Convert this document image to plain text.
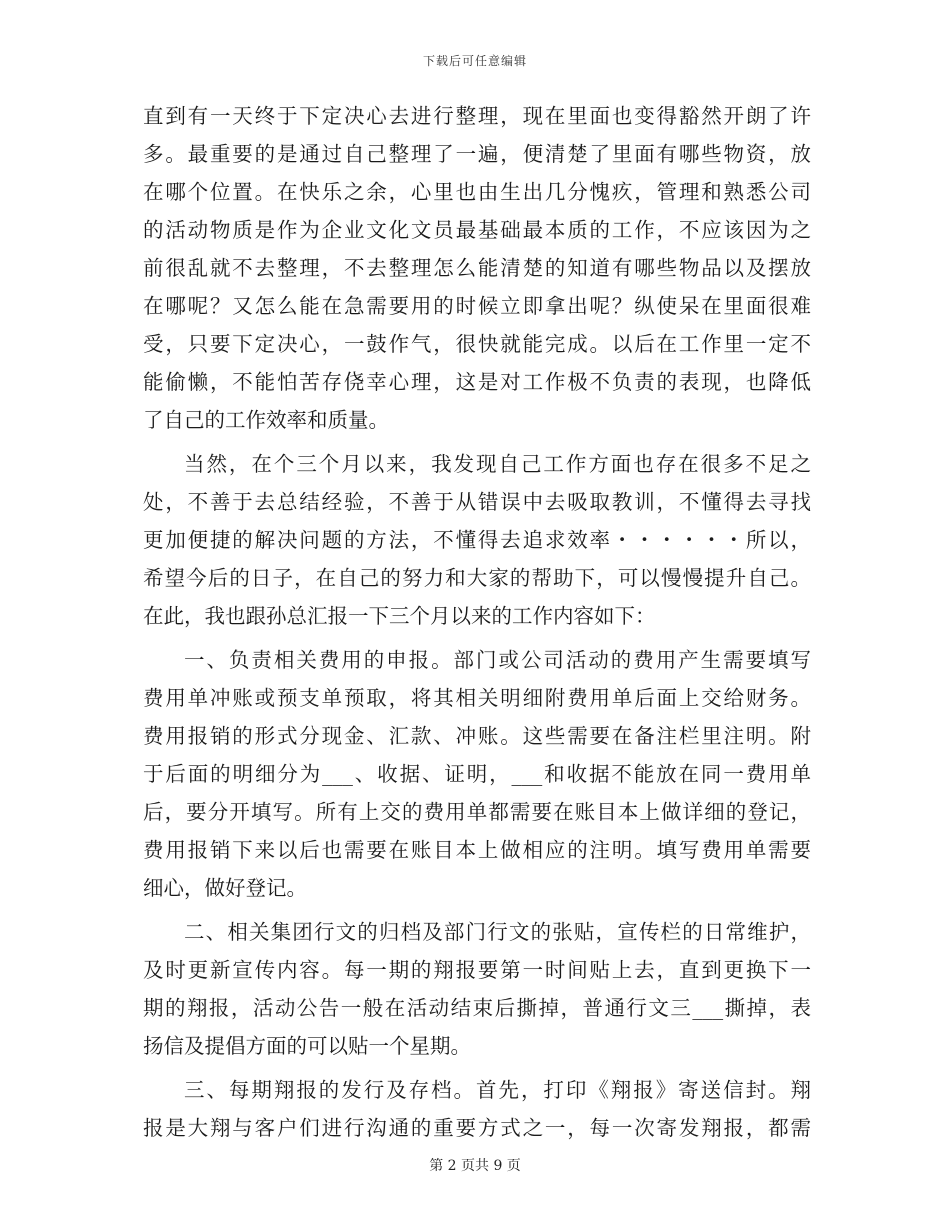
下载后可任意编辑
直到有一天终于下定决心去进行整理，现在里面也变得豁然开朗了许
多。最重要的是通过自己整理了一遍，便清楚了里面有哪些物资，放
在哪个位置。在快乐之余，心里也由生出几分愧疚，管理和熟悉公司
的活动物质是作为企业文化文员最基础最本质的工作，不应该因为之
前很乱就不去整理，不去整理怎么能清楚的知道有哪些物品以及摆放
在哪呢？又怎么能在急需要用的时候立即拿出呢？纵使呆在里面很难
受，只要下定决心，一鼓作气，很快就能完成。以后在工作里一定不
能偷懒，不能怕苦存侥幸心理，这是对工作极不负责的表现，也降低
了自己的工作效率和质量。
当然，在个三个月以来，我发现自己工作方面也存在很多不足之
处，不善于去总结经验，不善于从错误中去吸取教训，不懂得去寻找
更加便捷的解决问题的方法，不懂得去追求效率・・・・・・所以，
希望今后的日子，在自己的努力和大家的帮助下，可以慢慢提升自己。
在此，我也跟孙总汇报一下三个月以来的工作内容如下：
一、负责相关费用的申报。部门或公司活动的费用产生需要填写
费用单冲账或预支单预取，将其相关明细附费用单后面上交给财务。
费用报销的形式分现金、汇款、冲账。这些需要在备注栏里注明。附
于后面的明细分为___、收据、证明，___和收据不能放在同一费用单
后，要分开填写。所有上交的费用单都需要在账目本上做详细的登记，
费用报销下来以后也需要在账目本上做相应的注明。填写费用单需要
细心，做好登记。
二、相关集团行文的归档及部门行文的张贴，宣传栏的日常维护，
及时更新宣传内容。每一期的翔报要第一时间贴上去，直到更换下一
期的翔报，活动公告一般在活动结束后撕掉，普通行文三___撕掉，表
扬信及提倡方面的可以贴一个星期。
三、每期翔报的发行及存档。首先，打印《翔报》寄送信封。翔
报是大翔与客户们进行沟通的重要方式之一，每一次寄发翔报，都需
第 2 页共 9 页
